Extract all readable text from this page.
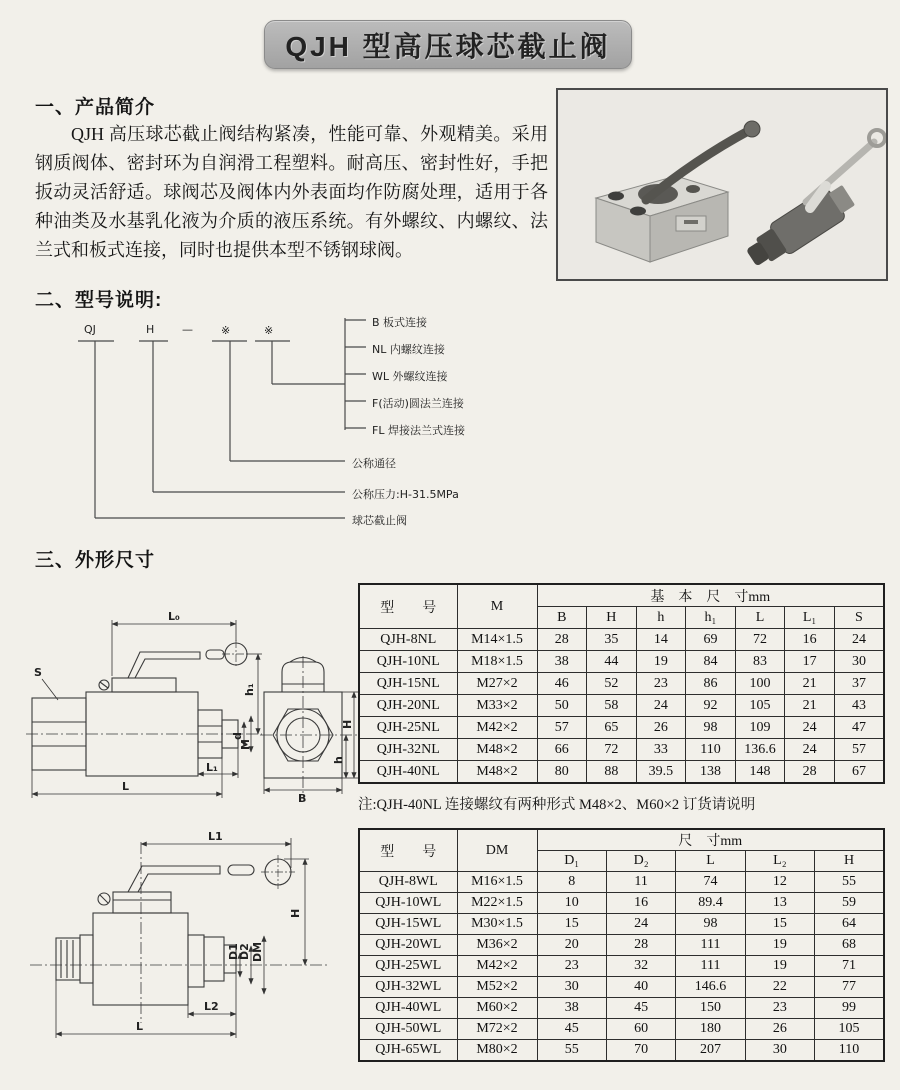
QJH 型高压球芯截止阀
一、产品简介
QJH 高压球芯截止阀结构紧凑，性能可靠、外观精美。采用钢质阀体、密封环为自润滑工程塑料。耐高压、密封性好，手把扳动灵活舒适。球阀芯及阀体内外表面均作防腐处理，适用于各种油类及水基乳化液为介质的液压系统。有外螺纹、内螺纹、法兰式和板式连接，同时也提供本型不锈钢球阀。
二、型号说明:
QJ	H	—	※	※
B 板式连接
NL 内螺纹连接
WL 外螺纹连接
F(活动)圆法兰连接
FL 焊接法兰式连接
公称通径
公称压力:H-31.5MPa
球芯截止阀
三、外形尺寸
L₀
S
h₁
d
M
L₁
L
B
H
h
型　　号	M	基　本　尺　寸mm						
		B	H	h	h₁	L	L₁	S
QJH-8NL	M14×1.5	28	35	14	69	72	16	24
QJH-10NL	M18×1.5	38	44	19	84	83	17	30
QJH-15NL	M27×2	46	52	23	86	100	21	37
QJH-20NL	M33×2	50	58	24	92	105	21	43
QJH-25NL	M42×2	57	65	26	98	109	24	47
QJH-32NL	M48×2	66	72	33	110	136.6	24	57
QJH-40NL	M48×2	80	88	39.5	138	148	28	67
注:QJH-40NL 连接螺纹有两种形式 M48×2、M60×2 订货请说明
L1
H
D1
D2 DM
L2
L
型　　号	DM	尺　寸mm				
		D₁	D₂	L	L₂	H
QJH-8WL	M16×1.5	8	11	74	12	55
QJH-10WL	M22×1.5	10	16	89.4	13	59
QJH-15WL	M30×1.5	15	24	98	15	64
QJH-20WL	M36×2	20	28	111	19	68
QJH-25WL	M42×2	23	32	111	19	71
QJH-32WL	M52×2	30	40	146.6	22	77
QJH-40WL	M60×2	38	45	150	23	99
QJH-50WL	M72×2	45	60	180	26	105
QJH-65WL	M80×2	55	70	207	30	110
